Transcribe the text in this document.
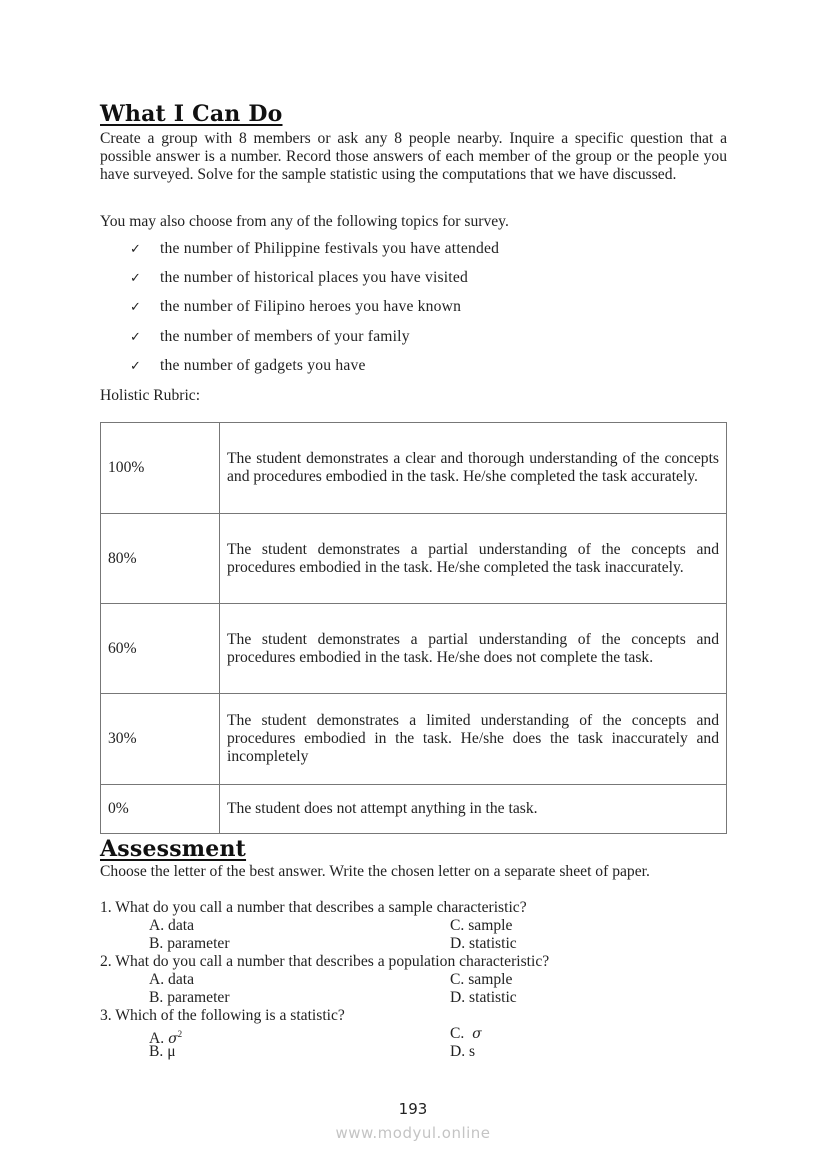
What I Can Do
Create a group with 8 members or ask any 8 people nearby. Inquire a specific question that a possible answer is a number. Record those answers of each member of the group or the people you have surveyed. Solve for the sample statistic using the computations that we have discussed.
You may also choose from any of the following topics for survey.
✓	the number of Philippine festivals you have attended
✓	the number of historical places you have visited
✓	the number of Filipino heroes you have known
✓	the number of members of your family
✓	the number of gadgets you have
Holistic Rubric:
100%	The student demonstrates a clear and thorough understanding of the concepts and procedures embodied in the task. He/she completed the task accurately.
80%	The student demonstrates a partial understanding of the concepts and procedures embodied in the task. He/she completed the task inaccurately.
60%	The student demonstrates a partial understanding of the concepts and procedures embodied in the task. He/she does not complete the task.
30%	The student demonstrates a limited understanding of the concepts and procedures embodied in the task. He/she does the task inaccurately and incompletely
0%	The student does not attempt anything in the task.
Assessment
Choose the letter of the best answer. Write the chosen letter on a separate sheet of paper.
1. What do you call a number that describes a sample characteristic?
A. data	C. sample
B. parameter	D. statistic
2. What do you call a number that describes a population characteristic?
A. data	C. sample
B. parameter	D. statistic
3. Which of the following is a statistic?
A. $\sigma^2$	C.  σ
B. μ	D. s
193
www.modyul.online
